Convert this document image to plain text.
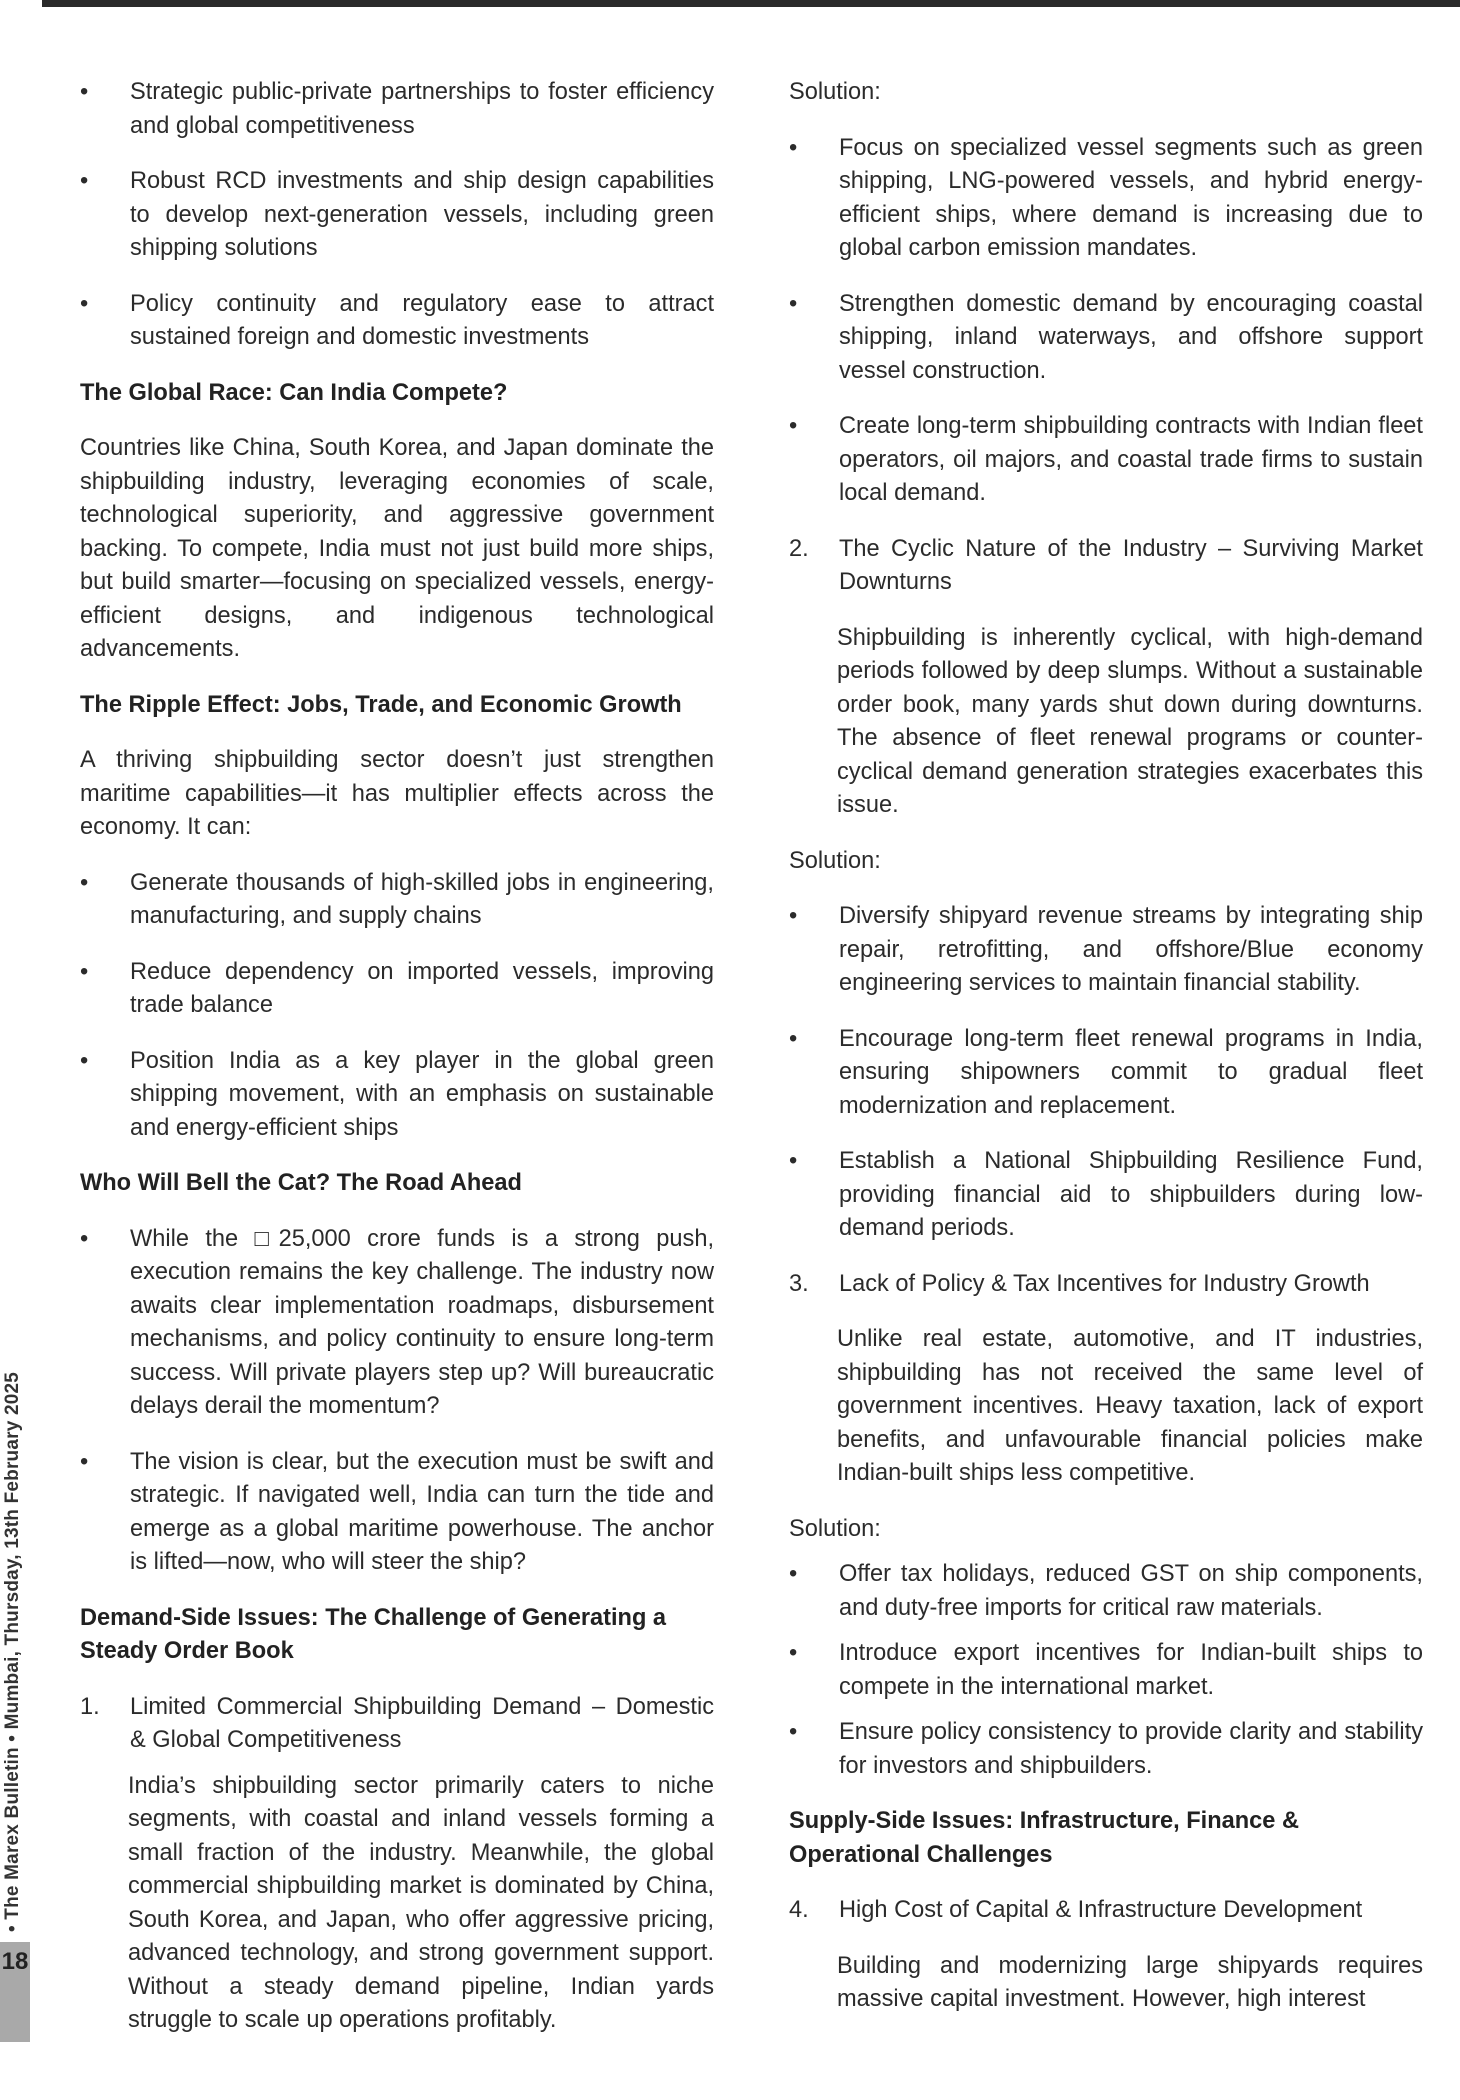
• The Marex Bulletin • Mumbai, Thursday, 13th February 2025
18
• Strategic public-private partnerships to foster efficiency and global competitiveness
• Robust RCD investments and ship design capabilities to develop next-generation vessels, including green shipping solutions
• Policy continuity and regulatory ease to attract sustained foreign and domestic investments
The Global Race: Can India Compete?

Countries like China, South Korea, and Japan dominate the shipbuilding industry, leveraging economies of scale, technological superiority, and aggressive government backing. To compete, India must not just build more ships, but build smarter—focusing on specialized vessels, energy-efficient designs, and indigenous technological advancements.

The Ripple Effect: Jobs, Trade, and Economic Growth

A thriving shipbuilding sector doesn’t just strengthen maritime capabilities—it has multiplier effects across the economy. It can:

• Generate thousands of high-skilled jobs in engineering, manufacturing, and supply chains
• Reduce dependency on imported vessels, improving trade balance
• Position India as a key player in the global green shipping movement, with an emphasis on sustainable and energy-efficient ships
Who Will Bell the Cat? The Road Ahead
• While the □25,000 crore funds is a strong push, execution remains the key challenge. The industry now awaits clear implementation roadmaps, disbursement mechanisms, and policy continuity to ensure long-term success. Will private players step up? Will bureaucratic delays derail the momentum?
• The vision is clear, but the execution must be swift and strategic. If navigated well, India can turn the tide and emerge as a global maritime powerhouse. The anchor is lifted—now, who will steer the ship?
Demand-Side Issues: The Challenge of Generating a Steady Order Book
1. Limited Commercial Shipbuilding Demand – Domestic & Global Competitiveness

India’s shipbuilding sector primarily caters to niche segments, with coastal and inland vessels forming a small fraction of the industry. Meanwhile, the global commercial shipbuilding market is dominated by China, South Korea, and Japan, who offer aggressive pricing, advanced technology, and strong government support. Without a steady demand pipeline, Indian yards struggle to scale up operations profitably.

Solution:

• Focus on specialized vessel segments such as green shipping, LNG-powered vessels, and hybrid energy-efficient ships, where demand is increasing due to global carbon emission mandates.
• Strengthen domestic demand by encouraging coastal shipping, inland waterways, and offshore support vessel construction.
• Create long-term shipbuilding contracts with Indian fleet operators, oil majors, and coastal trade firms to sustain local demand.
2. The Cyclic Nature of the Industry – Surviving Market Downturns

Shipbuilding is inherently cyclical, with high-demand periods followed by deep slumps. Without a sustainable order book, many yards shut down during downturns. The absence of fleet renewal programs or counter-cyclical demand generation strategies exacerbates this issue.

Solution:

• Diversify shipyard revenue streams by integrating ship repair, retrofitting, and offshore/Blue economy engineering services to maintain financial stability.
• Encourage long-term fleet renewal programs in India, ensuring shipowners commit to gradual fleet modernization and replacement.
• Establish a National Shipbuilding Resilience Fund, providing financial aid to shipbuilders during low-demand periods.
3. Lack of Policy & Tax Incentives for Industry Growth

Unlike real estate, automotive, and IT industries, shipbuilding has not received the same level of government incentives. Heavy taxation, lack of export benefits, and unfavourable financial policies make Indian-built ships less competitive.

Solution:

• Offer tax holidays, reduced GST on ship components, and duty-free imports for critical raw materials.
• Introduce export incentives for Indian-built ships to compete in the international market.
• Ensure policy consistency to provide clarity and stability for investors and shipbuilders.
Supply-Side Issues: Infrastructure, Finance & Operational Challenges
4. High Cost of Capital & Infrastructure Development

Building and modernizing large shipyards requires massive capital investment. However, high interest
